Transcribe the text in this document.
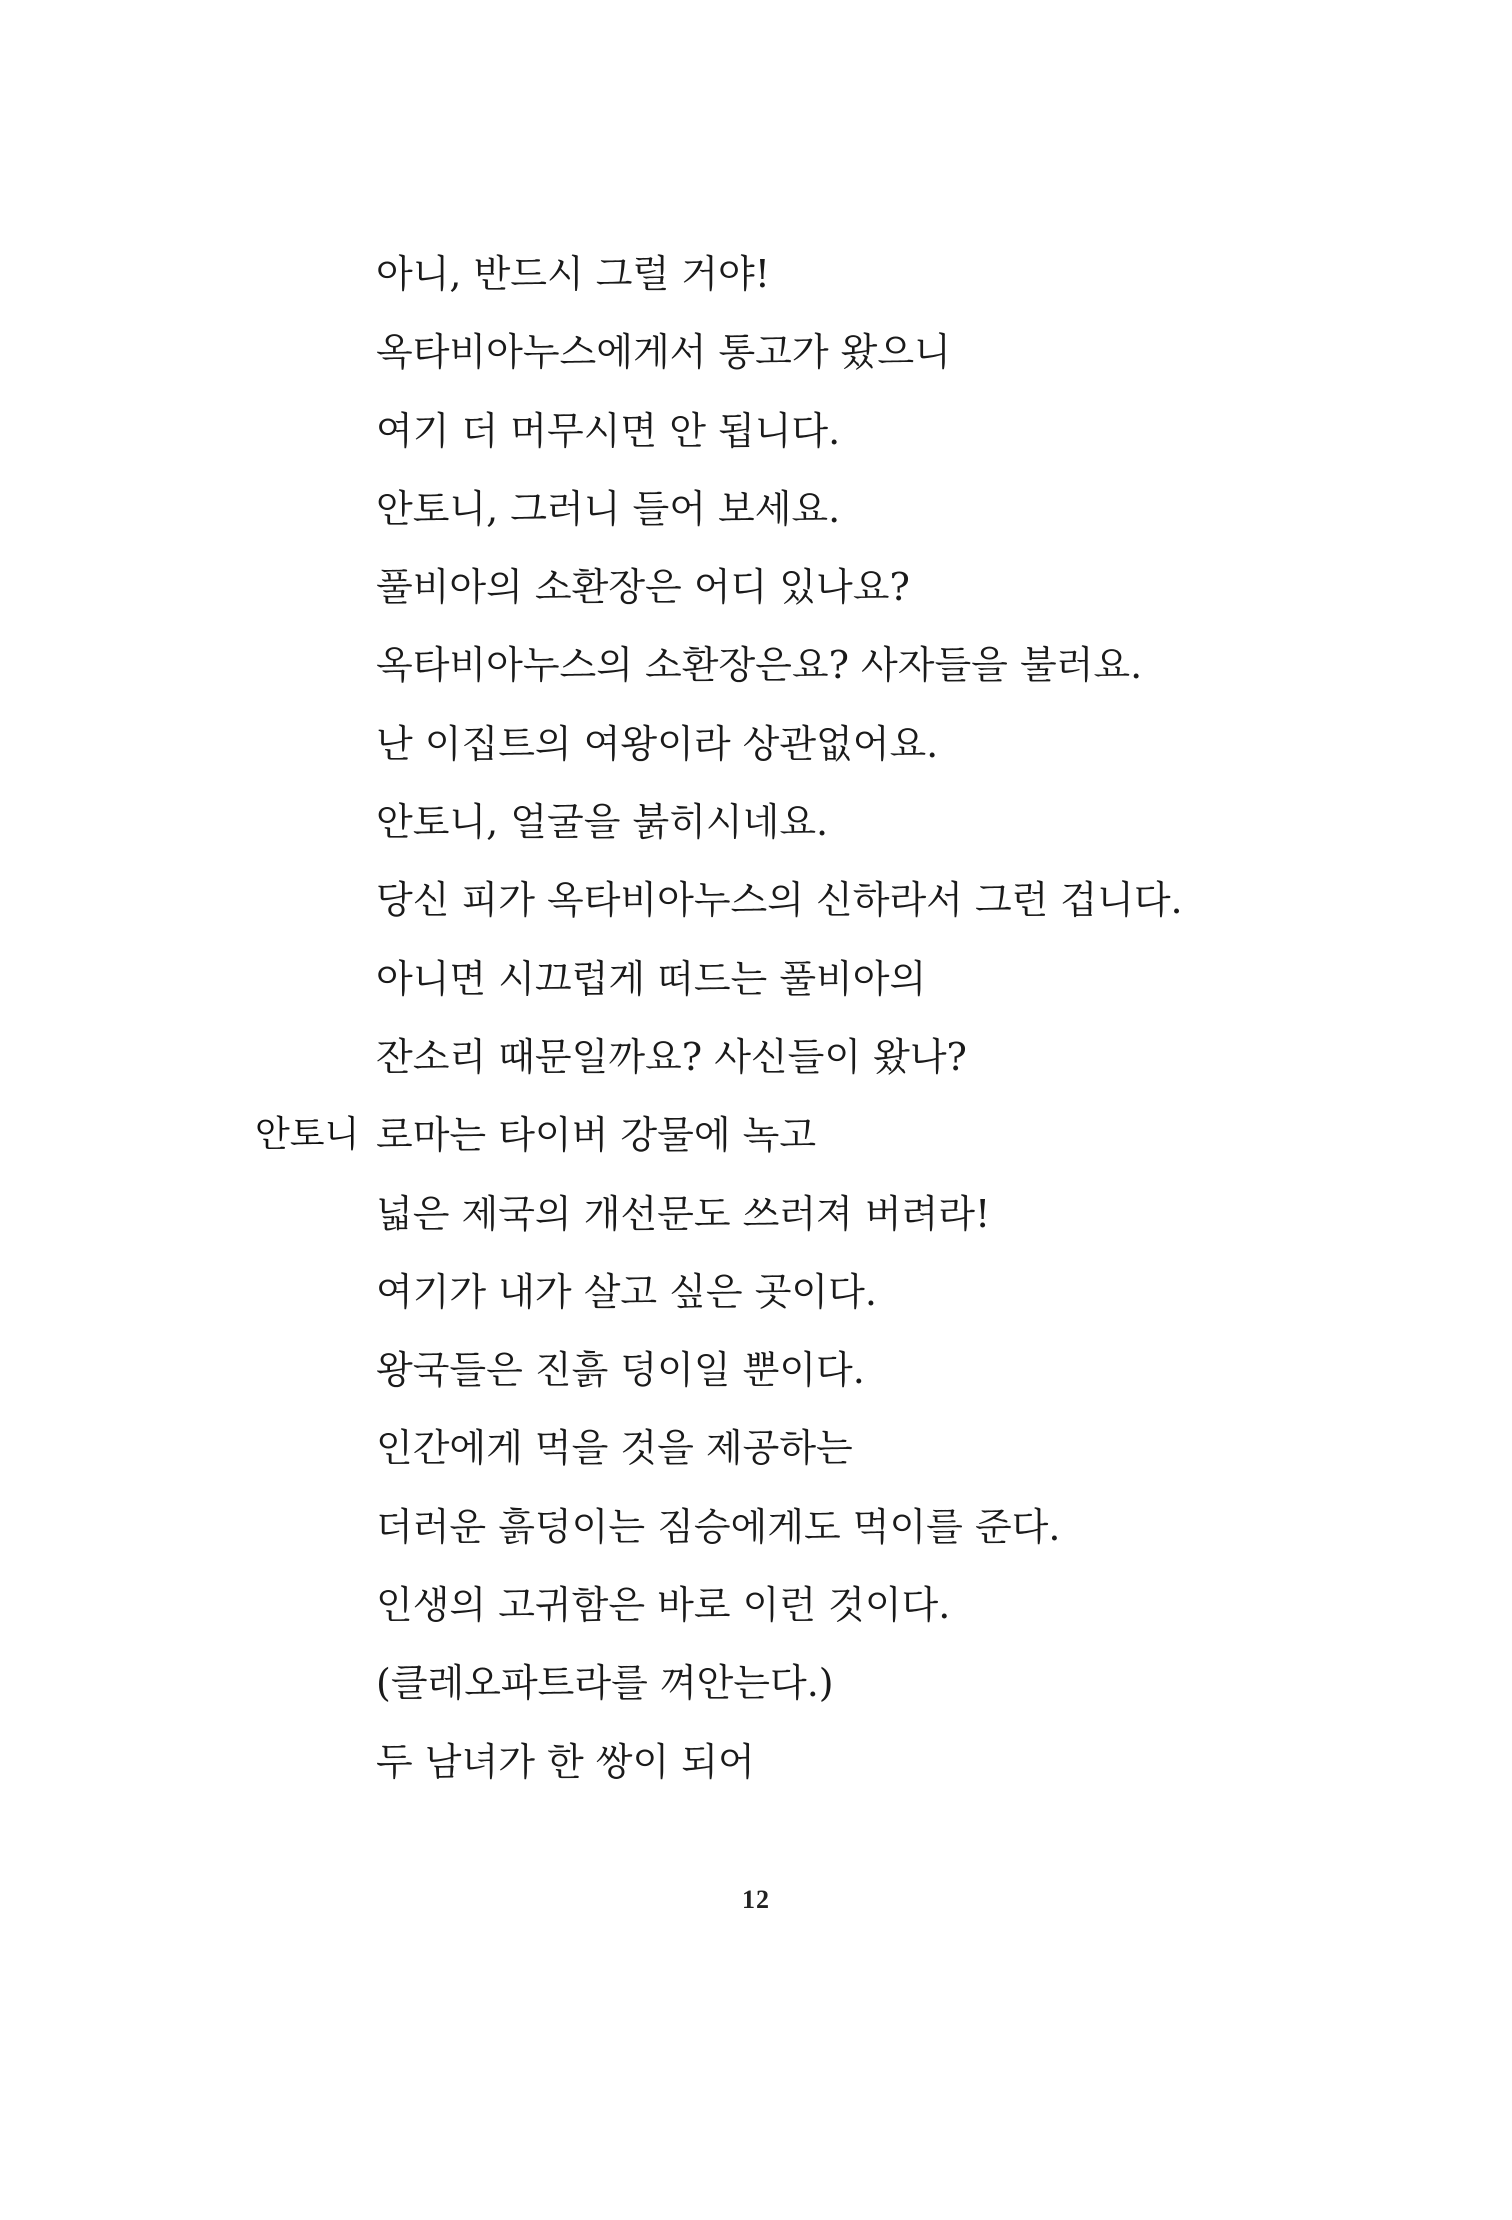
아니, 반드시 그럴 거야!
옥타비아누스에게서 통고가 왔으니
여기 더 머무시면 안 됩니다.
안토니, 그러니 들어 보세요.
풀비아의 소환장은 어디 있나요?
옥타비아누스의 소환장은요? 사자들을 불러요.
난 이집트의 여왕이라 상관없어요.
안토니, 얼굴을 붉히시네요.
당신 피가 옥타비아누스의 신하라서 그런 겁니다.
아니면 시끄럽게 떠드는 풀비아의
잔소리 때문일까요? 사신들이 왔나?
안토니 로마는 타이버 강물에 녹고
넓은 제국의 개선문도 쓰러져 버려라!
여기가 내가 살고 싶은 곳이다.
왕국들은 진흙 덩이일 뿐이다.
인간에게 먹을 것을 제공하는
더러운 흙덩이는 짐승에게도 먹이를 준다.
인생의 고귀함은 바로 이런 것이다.
(클레오파트라를 껴안는다.)
두 남녀가 한 쌍이 되어
12
